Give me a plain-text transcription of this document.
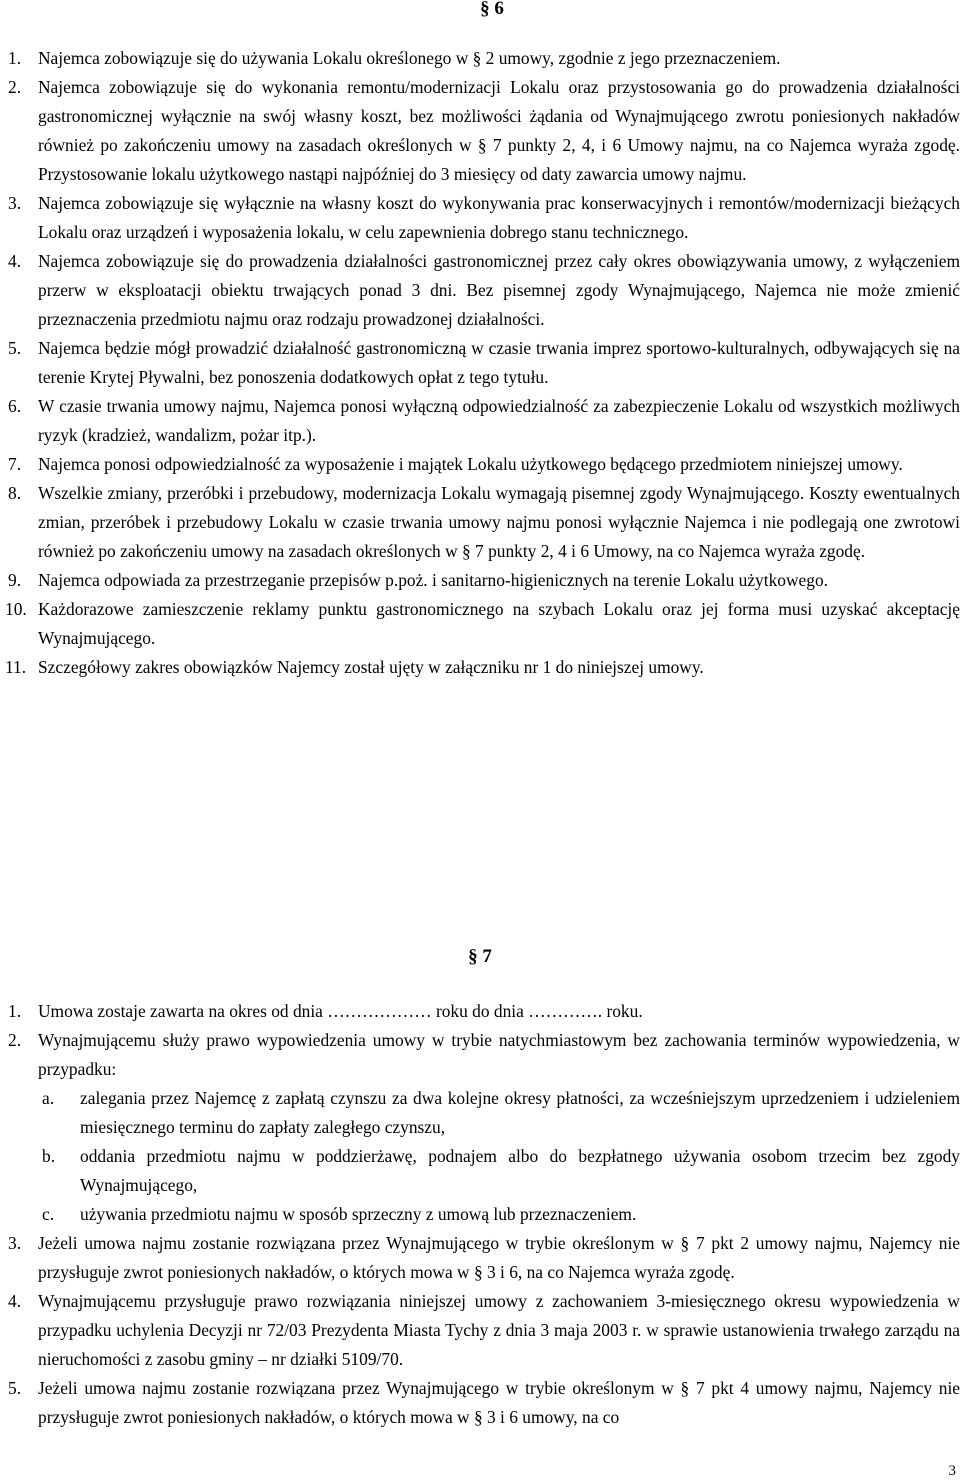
§ 6
1. Najemca zobowiązuje się do używania Lokalu określonego w § 2 umowy, zgodnie z jego przeznaczeniem.
2. Najemca zobowiązuje się do wykonania remontu/modernizacji Lokalu oraz przystosowania go do prowadzenia działalności gastronomicznej wyłącznie na swój własny koszt, bez możliwości żądania od Wynajmującego zwrotu poniesionych nakładów również po zakończeniu umowy na zasadach określonych w § 7 punkty 2, 4, i 6 Umowy najmu, na co Najemca wyraża zgodę. Przystosowanie lokalu użytkowego nastąpi najpóźniej do 3 miesięcy od daty zawarcia umowy najmu.
3. Najemca zobowiązuje się wyłącznie na własny koszt do wykonywania prac konserwacyjnych i remontów/modernizacji bieżących Lokalu oraz urządzeń i wyposażenia lokalu, w celu zapewnienia dobrego stanu technicznego.
4. Najemca zobowiązuje się do prowadzenia działalności gastronomicznej przez cały okres obowiązywania umowy, z wyłączeniem przerw w eksploatacji obiektu trwających ponad 3 dni. Bez pisemnej zgody Wynajmującego, Najemca nie może zmienić przeznaczenia przedmiotu najmu oraz rodzaju prowadzonej działalności.
5. Najemca będzie mógł prowadzić działalność gastronomiczną w czasie trwania imprez sportowo-kulturalnych, odbywających się na terenie Krytej Pływalni, bez ponoszenia dodatkowych opłat z tego tytułu.
6. W czasie trwania umowy najmu, Najemca ponosi wyłączną odpowiedzialność za zabezpieczenie Lokalu od wszystkich możliwych ryzyk (kradzież, wandalizm, pożar itp.).
7. Najemca ponosi odpowiedzialność za wyposażenie i majątek Lokalu użytkowego będącego przedmiotem niniejszej umowy.
8. Wszelkie zmiany, przeróbki i przebudowy, modernizacja Lokalu wymagają pisemnej zgody Wynajmującego. Koszty ewentualnych zmian, przeróbek i przebudowy Lokalu w czasie trwania umowy najmu ponosi wyłącznie Najemca i nie podlegają one zwrotowi również po zakończeniu umowy na zasadach określonych w § 7 punkty 2, 4 i 6 Umowy, na co Najemca wyraża zgodę.
9. Najemca odpowiada za przestrzeganie przepisów p.poż. i sanitarno-higienicznych na terenie Lokalu użytkowego.
10. Każdorazowe zamieszczenie reklamy punktu gastronomicznego na szybach Lokalu oraz jej forma musi uzyskać akceptację Wynajmującego.
11. Szczegółowy zakres obowiązków Najemcy został ujęty w załączniku nr 1 do niniejszej umowy.
§ 7
1. Umowa zostaje zawarta na okres od dnia ……………… roku do dnia …………. roku.
2. Wynajmującemu służy prawo wypowiedzenia umowy w trybie natychmiastowym bez zachowania terminów wypowiedzenia, w przypadku:
a. zalegania przez Najemcę z zapłatą czynszu za dwa kolejne okresy płatności, za wcześniejszym uprzedzeniem i udzieleniem miesięcznego terminu do zapłaty zaległego czynszu,
b. oddania przedmiotu najmu w poddzierżawę, podnajem albo do bezpłatnego używania osobom trzecim bez zgody Wynajmującego,
c. używania przedmiotu najmu w sposób sprzeczny z umową lub przeznaczeniem.
3. Jeżeli umowa najmu zostanie rozwiązana przez Wynajmującego w trybie określonym w § 7 pkt 2 umowy najmu, Najemcy nie przysługuje zwrot poniesionych nakładów, o których mowa w § 3 i 6, na co Najemca wyraża zgodę.
4. Wynajmującemu przysługuje prawo rozwiązania niniejszej umowy z zachowaniem 3-miesięcznego okresu wypowiedzenia w przypadku uchylenia Decyzji nr 72/03 Prezydenta Miasta Tychy z dnia 3 maja 2003 r. w sprawie ustanowienia trwałego zarządu na nieruchomości z zasobu gminy – nr działki 5109/70.
5. Jeżeli umowa najmu zostanie rozwiązana przez Wynajmującego w trybie określonym w § 7 pkt 4 umowy najmu, Najemcy nie przysługuje zwrot poniesionych nakładów, o których mowa w § 3 i 6 umowy, na co
3
